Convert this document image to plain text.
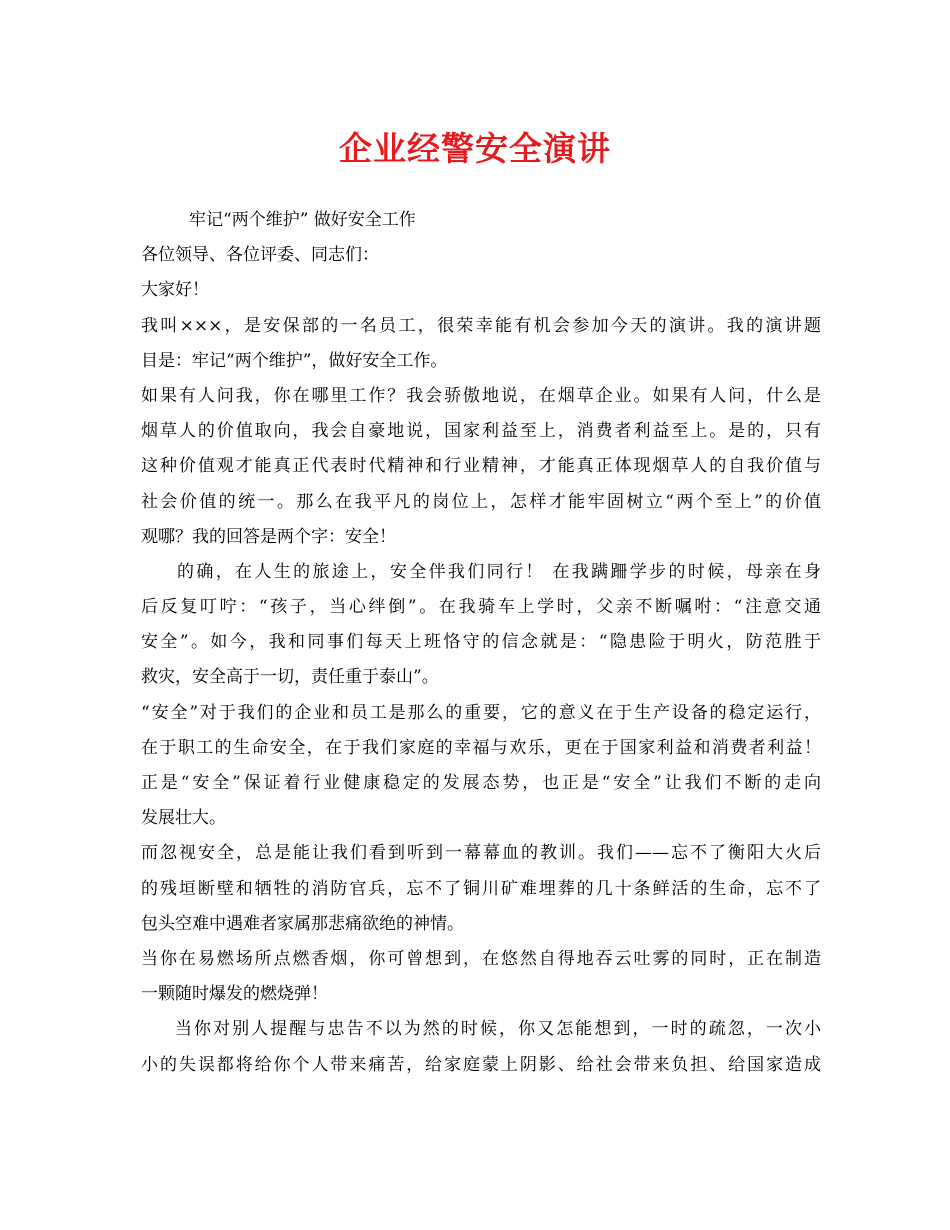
企业经警安全演讲
牢记“两个维护” 做好安全工作
各位领导、各位评委、同志们：
大家好！
我叫×××，是安保部的一名员工，很荣幸能有机会参加今天的演讲。我的演讲题
目是：牢记“两个维护”，做好安全工作。
如果有人问我，你在哪里工作？我会骄傲地说，在烟草企业。如果有人问，什么是
烟草人的价值取向，我会自豪地说，国家利益至上，消费者利益至上。是的，只有
这种价值观才能真正代表时代精神和行业精神，才能真正体现烟草人的自我价值与
社会价值的统一。那么在我平凡的岗位上，怎样才能牢固树立“两个至上”的价值
观哪？我的回答是两个字：安全！
的确，在人生的旅途上，安全伴我们同行！ 在我蹒跚学步的时候，母亲在身
后反复叮咛：“孩子，当心绊倒”。在我骑车上学时，父亲不断嘱咐：“注意交通
安全”。如今，我和同事们每天上班恪守的信念就是：“隐患险于明火，防范胜于
救灾，安全高于一切，责任重于泰山”。
“安全”对于我们的企业和员工是那么的重要，它的意义在于生产设备的稳定运行，
在于职工的生命安全，在于我们家庭的幸福与欢乐，更在于国家利益和消费者利益！
正是“安全”保证着行业健康稳定的发展态势，也正是“安全”让我们不断的走向
发展壮大。
而忽视安全，总是能让我们看到听到一幕幕血的教训。我们——忘不了衡阳大火后
的残垣断壁和牺牲的消防官兵，忘不了铜川矿难埋葬的几十条鲜活的生命，忘不了
包头空难中遇难者家属那悲痛欲绝的神情。
当你在易燃场所点燃香烟，你可曾想到，在悠然自得地吞云吐雾的同时，正在制造
一颗随时爆发的燃烧弹！
当你对别人提醒与忠告不以为然的时候，你又怎能想到，一时的疏忽，一次小
小的失误都将给你个人带来痛苦，给家庭蒙上阴影、给社会带来负担、给国家造成
